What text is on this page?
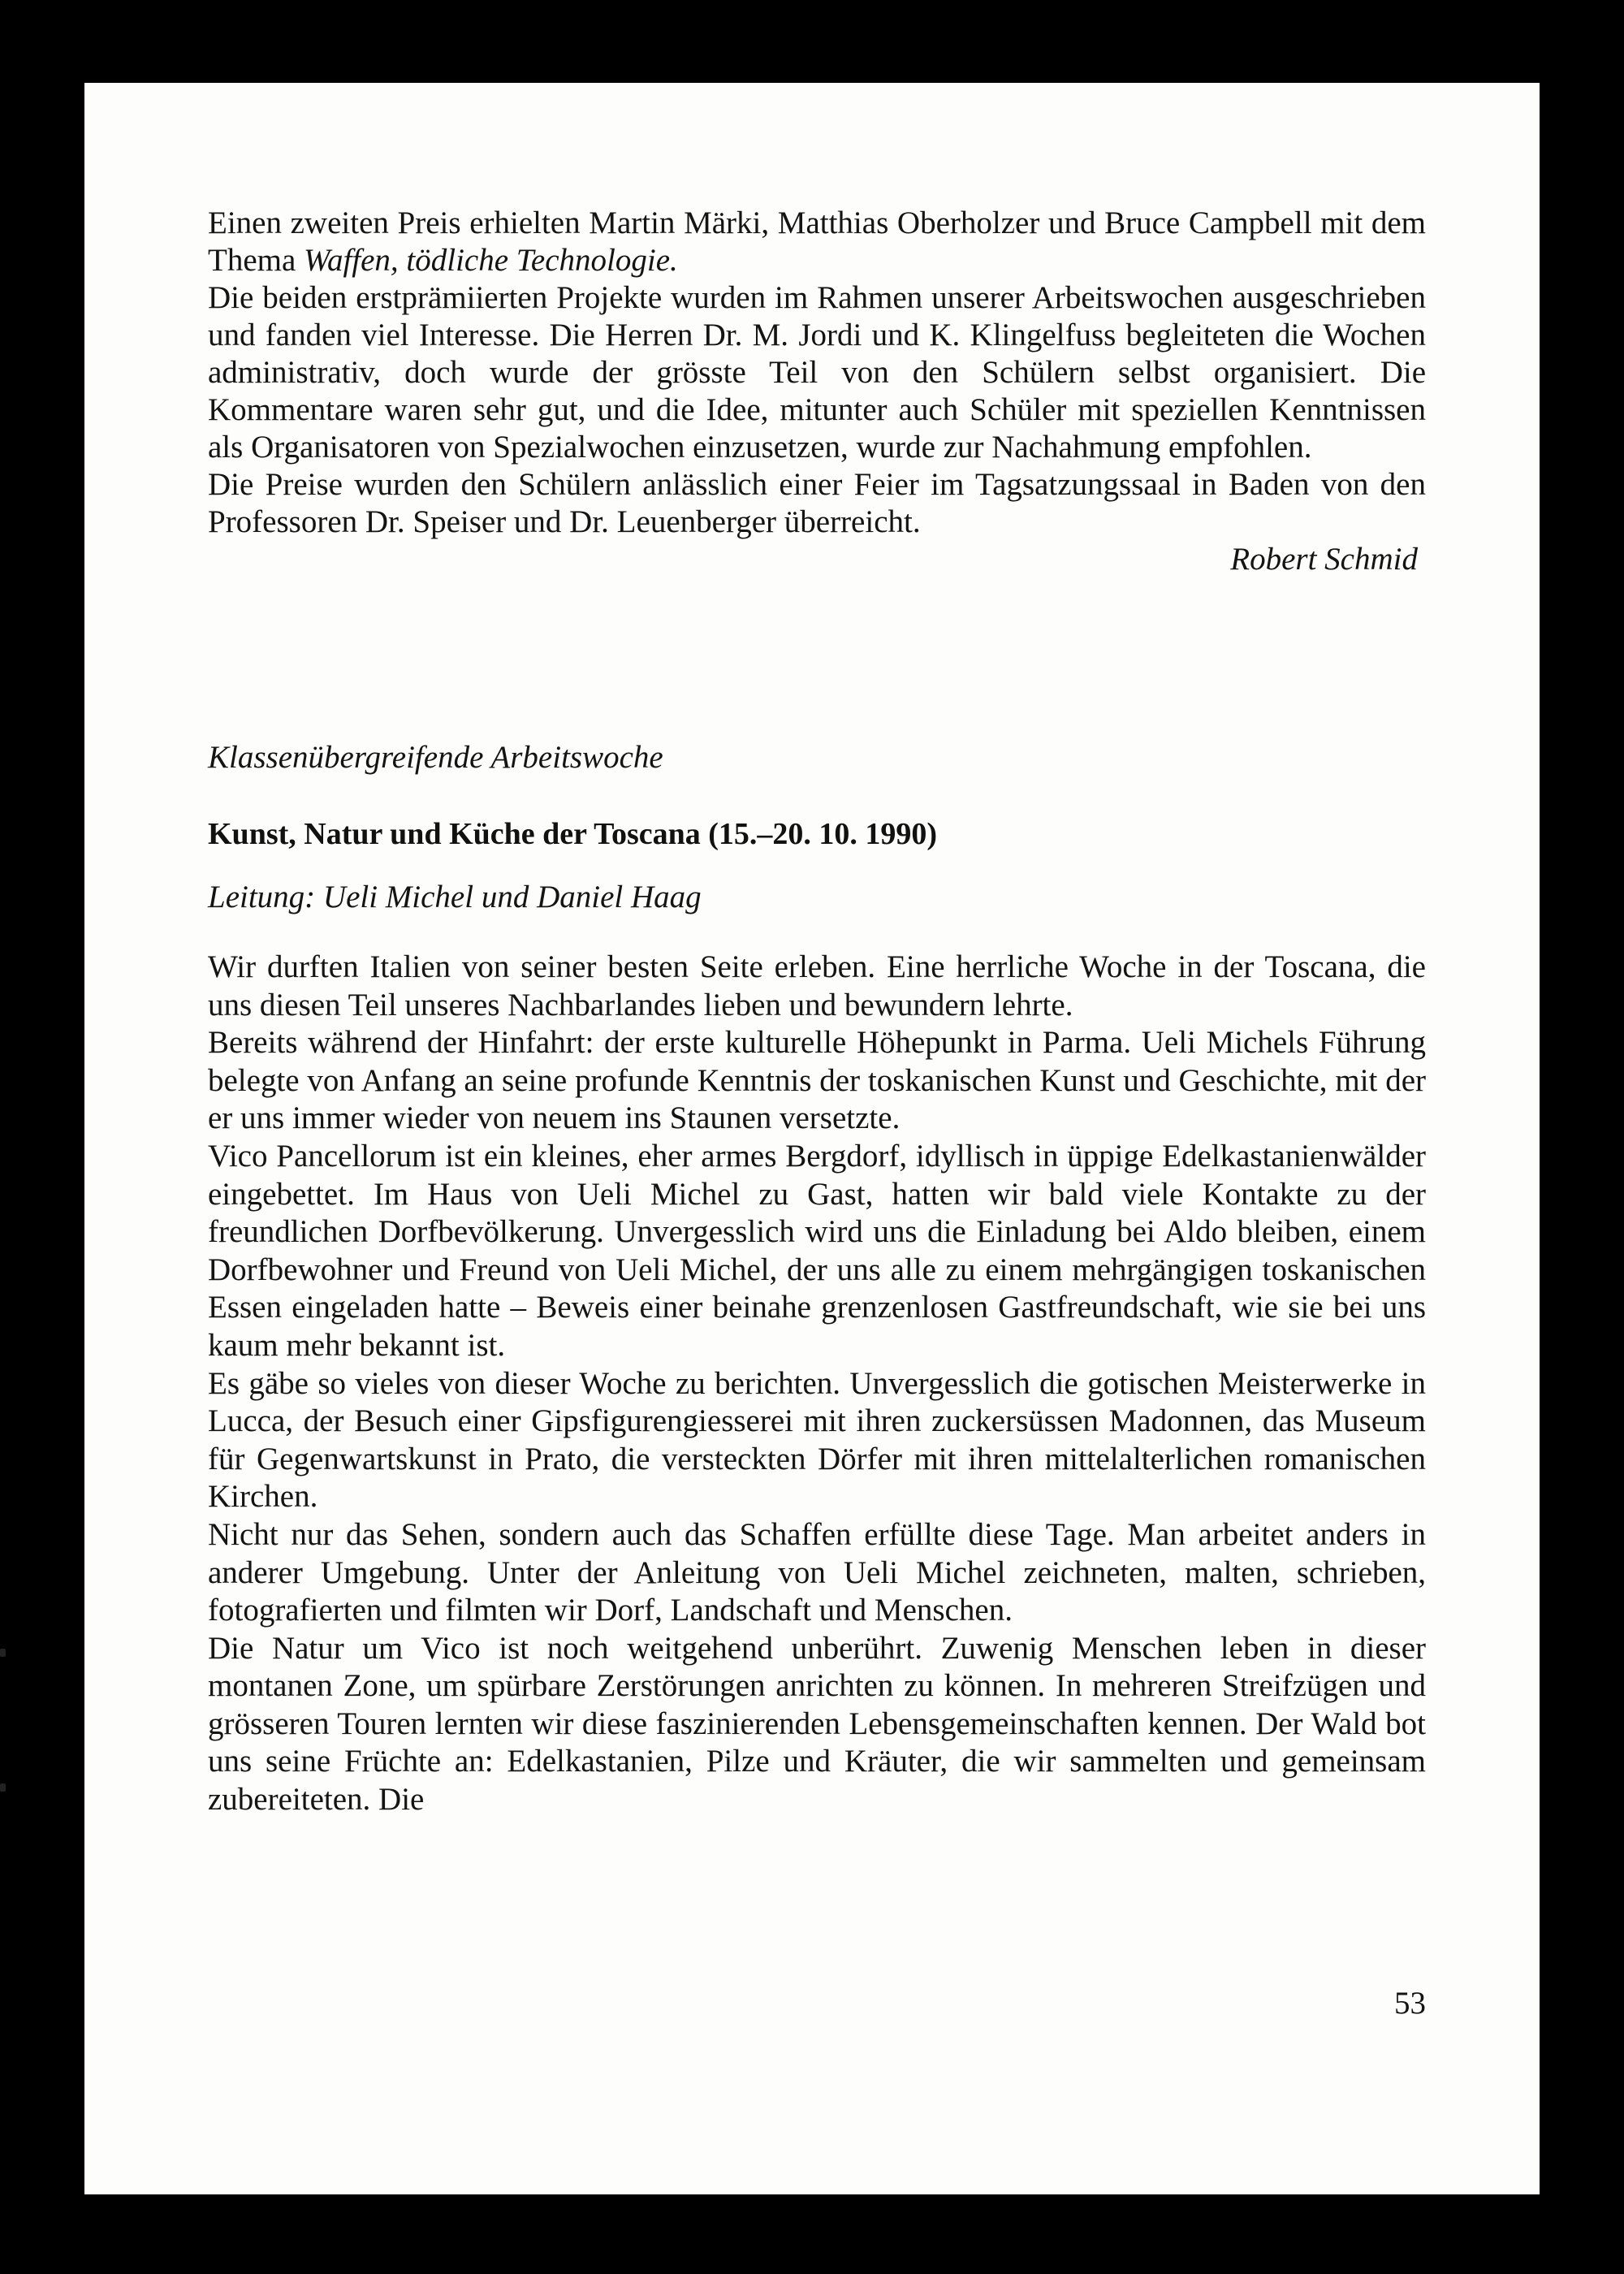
Einen zweiten Preis erhielten Martin Märki, Matthias Oberholzer und Bruce Campbell mit dem Thema Waffen, tödliche Technologie.

Die beiden erstprämiierten Projekte wurden im Rahmen unserer Arbeitswochen ausgeschrieben und fanden viel Interesse. Die Herren Dr. M. Jordi und K. Klingelfuss begleiteten die Wochen administrativ, doch wurde der grösste Teil von den Schülern selbst organisiert. Die Kommentare waren sehr gut, und die Idee, mitunter auch Schüler mit speziellen Kenntnissen als Organisatoren von Spezialwochen einzusetzen, wurde zur Nachahmung empfohlen.

Die Preise wurden den Schülern anlässlich einer Feier im Tagsatzungssaal in Baden von den Professoren Dr. Speiser und Dr. Leuenberger überreicht.

Robert Schmid

Klassenübergreifende Arbeitswoche
Kunst, Natur und Küche der Toscana (15.–20. 10. 1990)
Leitung: Ueli Michel und Daniel Haag

Wir durften Italien von seiner besten Seite erleben. Eine herrliche Woche in der Toscana, die uns diesen Teil unseres Nachbarlandes lieben und bewundern lehrte.

Bereits während der Hinfahrt: der erste kulturelle Höhepunkt in Parma. Ueli Michels Führung belegte von Anfang an seine profunde Kenntnis der toskanischen Kunst und Geschichte, mit der er uns immer wieder von neuem ins Staunen versetzte.

Vico Pancellorum ist ein kleines, eher armes Bergdorf, idyllisch in üppige Edelkastanienwälder eingebettet. Im Haus von Ueli Michel zu Gast, hatten wir bald viele Kontakte zu der freundlichen Dorfbevölkerung. Unvergesslich wird uns die Einladung bei Aldo bleiben, einem Dorfbewohner und Freund von Ueli Michel, der uns alle zu einem mehrgängigen toskanischen Essen eingeladen hatte – Beweis einer beinahe grenzenlosen Gastfreundschaft, wie sie bei uns kaum mehr bekannt ist.

Es gäbe so vieles von dieser Woche zu berichten. Unvergesslich die gotischen Meisterwerke in Lucca, der Besuch einer Gipsfigurengiesserei mit ihren zuckersüssen Madonnen, das Museum für Gegenwartskunst in Prato, die versteckten Dörfer mit ihren mittelalterlichen romanischen Kirchen.

Nicht nur das Sehen, sondern auch das Schaffen erfüllte diese Tage. Man arbeitet anders in anderer Umgebung. Unter der Anleitung von Ueli Michel zeichneten, malten, schrieben, fotografierten und filmten wir Dorf, Landschaft und Menschen.

Die Natur um Vico ist noch weitgehend unberührt. Zuwenig Menschen leben in dieser montanen Zone, um spürbare Zerstörungen anrichten zu können. In mehreren Streifzügen und grösseren Touren lernten wir diese faszinierenden Lebensgemeinschaften kennen. Der Wald bot uns seine Früchte an: Edelkastanien, Pilze und Kräuter, die wir sammelten und gemeinsam zubereiteten. Die

53
